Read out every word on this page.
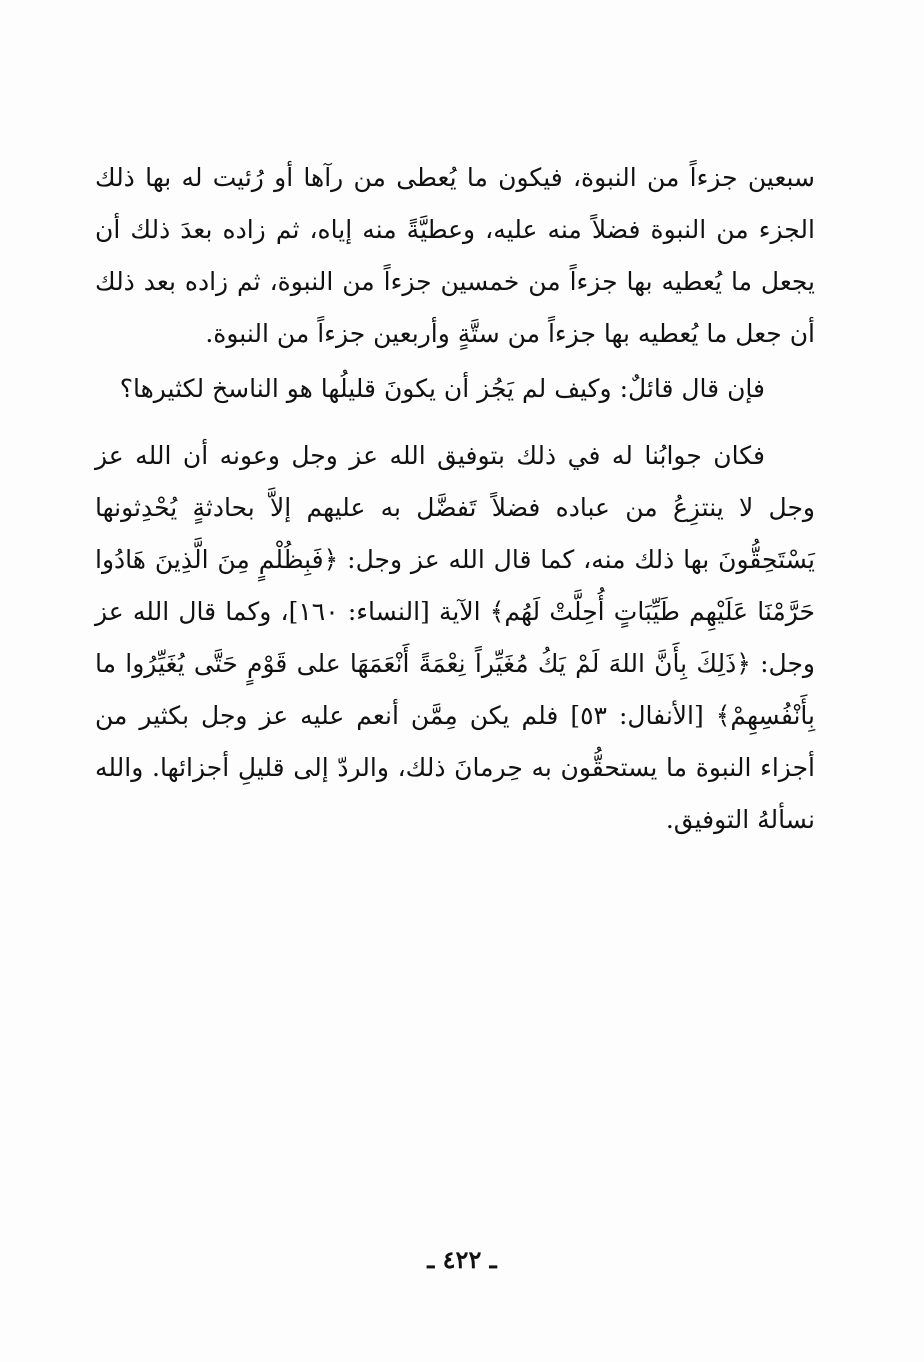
سبعين جزءاً من النبوة، فيكون ما يُعطى من رآها أو رُئيت له بها ذلك الجزء من النبوة فضلاً منه عليه، وعطيَّةً منه إياه، ثم زاده بعدَ ذلك أن يجعل ما يُعطيه بها جزءاً من خمسين جزءاً من النبوة، ثم زاده بعد ذلك أن جعل ما يُعطيه بها جزءاً من ستَّةٍ وأربعين جزءاً من النبوة.

فإن قال قائلٌ: وكيف لم يَجُز أن يكونَ قليلُها هو الناسخ لكثيرها؟

فكان جوابُنا له في ذلك بتوفيق الله عز وجل وعونه أن الله عز وجل لا ينتزِعُ من عباده فضلاً تَفضَّل به عليهم إلاَّ بحادثةٍ يُحْدِثونها يَسْتَحِقُّونَ بها ذلك منه، كما قال الله عز وجل: ﴿فَبِظُلْمٍ مِنَ الَّذِينَ هَادُوا حَرَّمْنَا عَلَيْهِم طَيِّبَاتٍ أُحِلَّتْ لَهُم﴾ الآية [النساء: ١٦٠]، وكما قال الله عز وجل: ﴿ذَلِكَ بِأَنَّ اللهَ لَمْ يَكُ مُغَيِّراً نِعْمَةً أَنْعَمَهَا على قَوْمٍ حَتَّى يُغَيِّرُوا ما بِأَنْفُسِهِمْ﴾ [الأنفال: ٥٣] فلم يكن مِمَّن أنعم عليه عز وجل بكثير من أجزاء النبوة ما يستحقُّون به حِرمانَ ذلك، والردّ إلى قليلِ أجزائها. والله نسألهُ التوفيق.

ـ ٤٢٢ ـ
